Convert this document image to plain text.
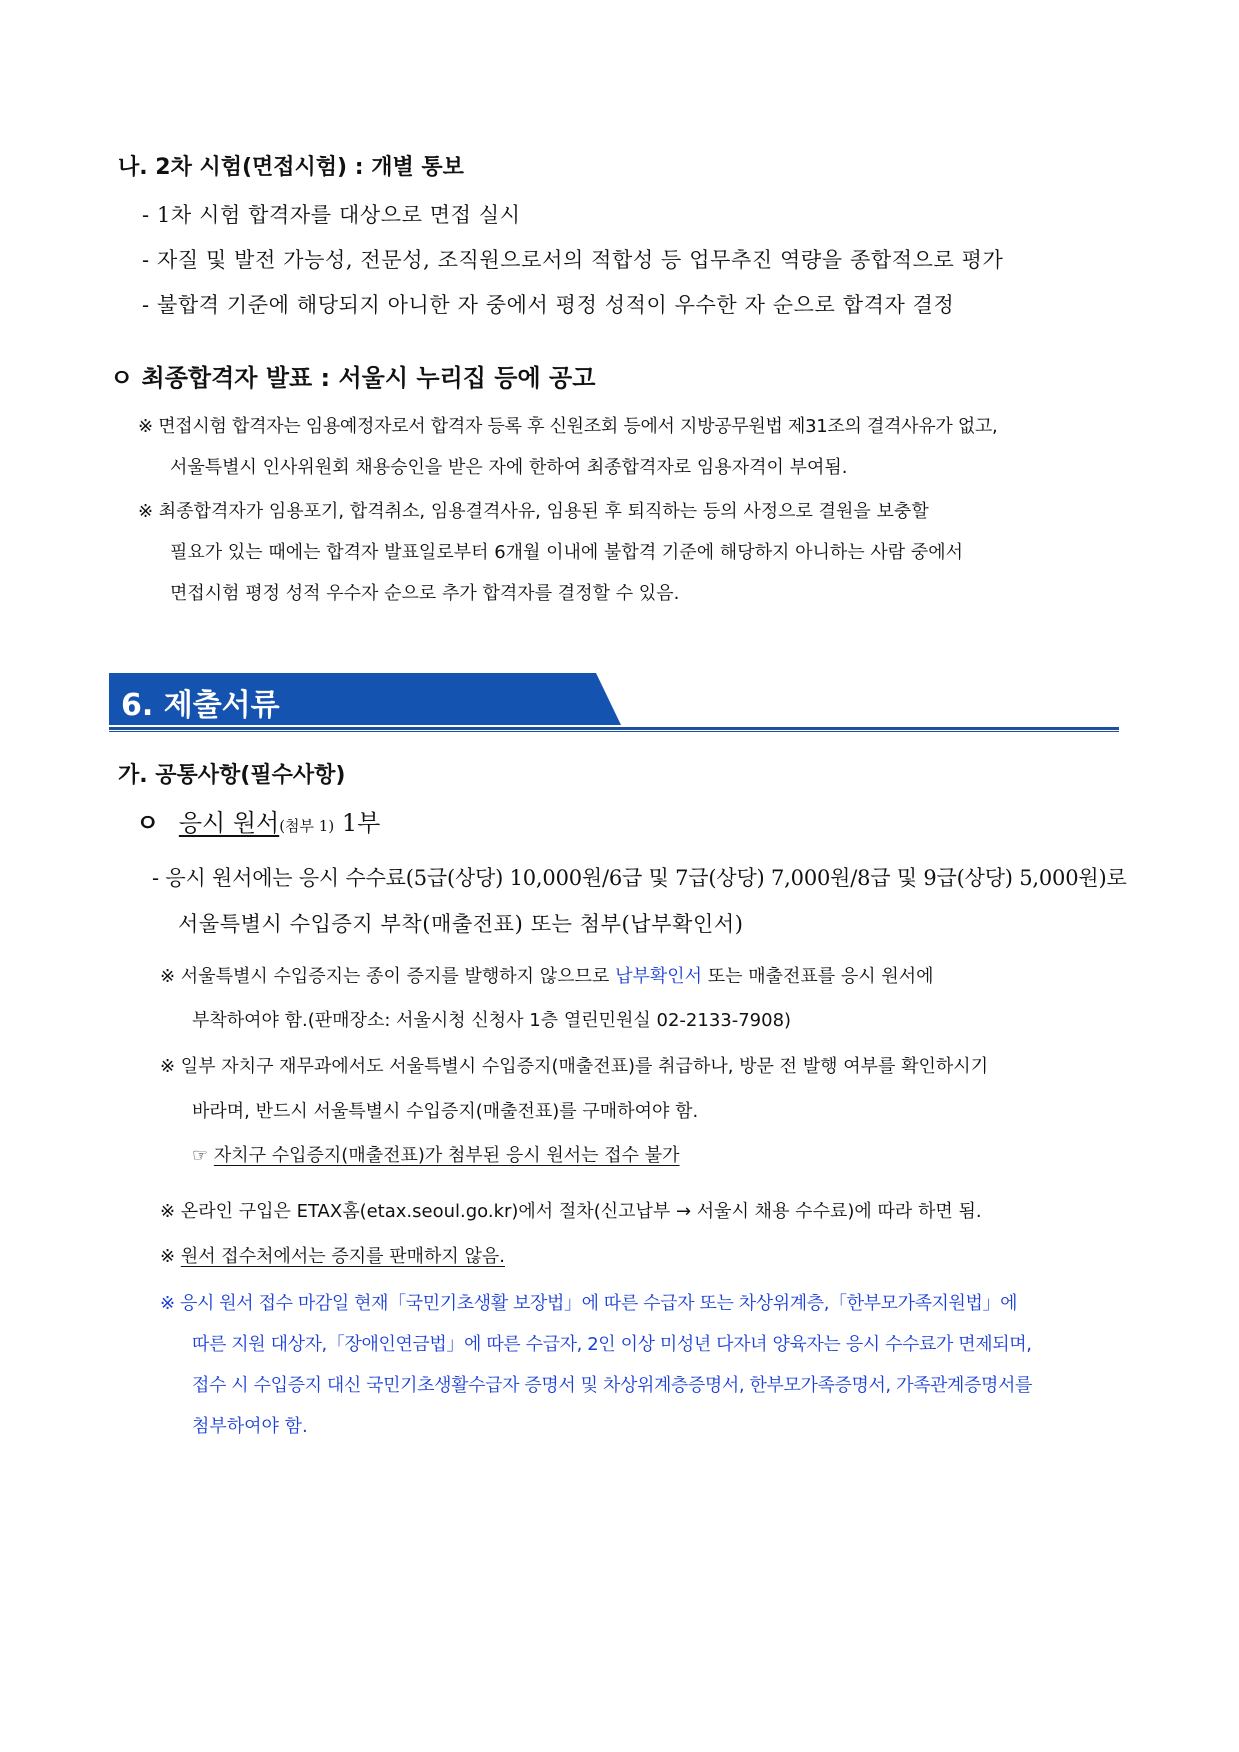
나. 2차 시험(면접시험) : 개별 통보
- 1차 시험 합격자를 대상으로 면접 실시
- 자질 및 발전 가능성, 전문성, 조직원으로서의 적합성 등 업무추진 역량을 종합적으로 평가
- 불합격 기준에 해당되지 아니한 자 중에서 평정 성적이 우수한 자 순으로 합격자 결정
ㅇ 최종합격자 발표 : 서울시 누리집 등에 공고
※ 면접시험 합격자는 임용예정자로서 합격자 등록 후 신원조회 등에서 지방공무원법 제31조의 결격사유가 없고,
서울특별시 인사위원회 채용승인을 받은 자에 한하여 최종합격자로 임용자격이 부여됨.
※ 최종합격자가 임용포기, 합격취소, 임용결격사유, 임용된 후 퇴직하는 등의 사정으로 결원을 보충할
필요가 있는 때에는 합격자 발표일로부터 6개월 이내에 불합격 기준에 해당하지 아니하는 사람 중에서
면접시험 평정 성적 우수자 순으로 추가 합격자를 결정할 수 있음.
6. 제출서류
가. 공통사항(필수사항)
ㅇ 응시 원서(첨부 1) 1부
- 응시 원서에는 응시 수수료(5급(상당) 10,000원/6급 및 7급(상당) 7,000원/8급 및 9급(상당) 5,000원)로
서울특별시 수입증지 부착(매출전표) 또는 첨부(납부확인서)
※ 서울특별시 수입증지는 종이 증지를 발행하지 않으므로 납부확인서 또는 매출전표를 응시 원서에
부착하여야 함.(판매장소: 서울시청 신청사 1층 열린민원실 02-2133-7908)
※ 일부 자치구 재무과에서도 서울특별시 수입증지(매출전표)를 취급하나, 방문 전 발행 여부를 확인하시기
바라며, 반드시 서울특별시 수입증지(매출전표)를 구매하여야 함.
☞ 자치구 수입증지(매출전표)가 첨부된 응시 원서는 접수 불가
※ 온라인 구입은 ETAX홈(etax.seoul.go.kr)에서 절차(신고납부 → 서울시 채용 수수료)에 따라 하면 됨.
※ 원서 접수처에서는 증지를 판매하지 않음.
※ 응시 원서 접수 마감일 현재「국민기초생활 보장법」에 따른 수급자 또는 차상위계층,「한부모가족지원법」에
따른 지원 대상자,「장애인연금법」에 따른 수급자, 2인 이상 미성년 다자녀 양육자는 응시 수수료가 면제되며,
접수 시 수입증지 대신 국민기초생활수급자 증명서 및 차상위계층증명서, 한부모가족증명서, 가족관계증명서를
첨부하여야 함.
